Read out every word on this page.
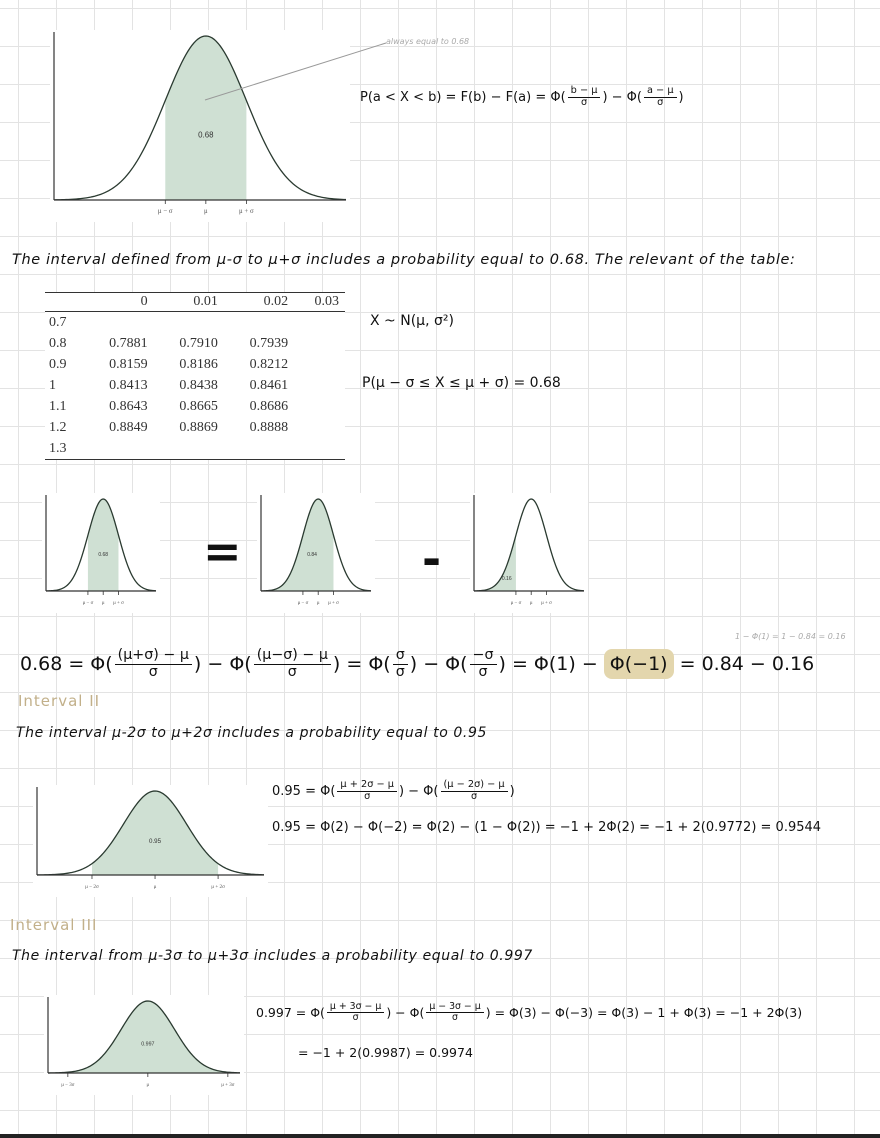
0.68
μ − σ	μ	μ + σ
always equal to 0.68
$P(a < X < b) = F(b) - F(a) = \Phi( \frac{b - \mu}{\sigma}$ ) − $\Phi( \frac{a - \mu}{\sigma}$ )
The interval defined from μ-σ to μ+σ includes a probability equal to 0.68. The relevant of the table:
	0	0.01	0.02	0.03
0.7				
0.8	0.7881	0.7910	0.7939	
0.9	0.8159	0.8186	0.8212	
1	0.8413	0.8438	0.8461	
1.1	0.8643	0.8665	0.8686	
1.2	0.8849	0.8869	0.8888	
1.3				
X ~ N(μ, σ²)
P(μ − σ ≤ X ≤ μ + σ) = 0.68
0.68
μ − σ μ μ + σ
=	0.84
μ − σ μ μ + σ
-	0.16
μ − σ μ μ + σ
1 − Φ(1) = 1 − 0.84 = 0.16
$0.68 = \Phi( \frac{(\mu+\sigma) - \mu}{\sigma}$ ) − $\Phi( \frac{(\mu-\sigma) - \mu}{\sigma}$ ) = $\Phi( \frac{\sigma}{\sigma}$ ) − $\Phi( \frac{-\sigma}{\sigma}$ ) = Φ(1) − Φ(−1) = 0.84 − 0.16
Interval II
The interval μ-2σ to μ+2σ includes a probability equal to 0.95
0.95
μ − 2σ	μ	μ + 2σ
$0.95 = \Phi( \frac{\mu + 2\sigma - \mu}{\sigma}$ ) − $\Phi( \frac{(\mu - 2\sigma) - \mu}{\sigma}$ )
0.95 = Φ(2) − Φ(−2) = Φ(2) − (1 − Φ(2)) = −1 + 2Φ(2) = −1 + 2(0.9772) = 0.9544
Interval III
The interval from μ-3σ to μ+3σ includes a probability equal to 0.997
0.997
μ − 3σ	μ	μ + 3σ
$0.997 = \Phi( \frac{\mu + 3\sigma - \mu}{\sigma}$ ) − $\Phi( \frac{\mu - 3\sigma - \mu}{\sigma}$ ) = Φ(3) − Φ(−3) = Φ(3) − 1 + Φ(3) = −1 + 2Φ(3)
= −1 + 2(0.9987) = 0.9974
